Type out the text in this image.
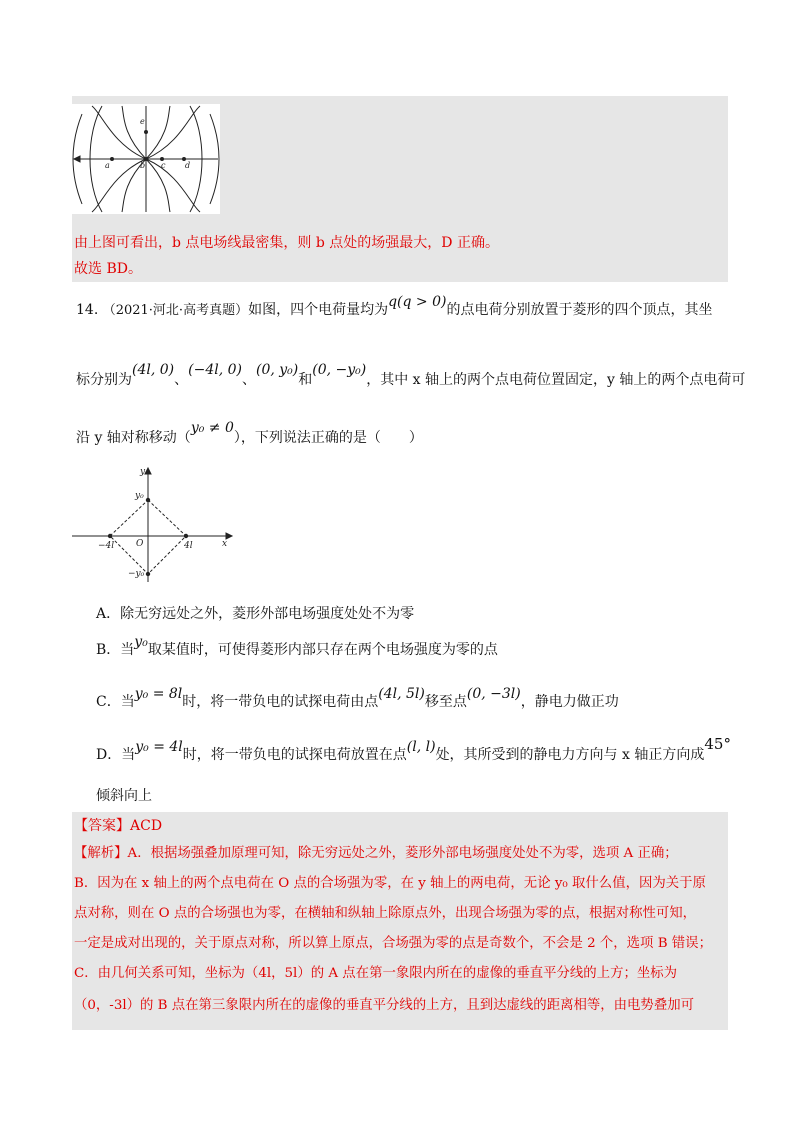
e
a	b c d
由上图可看出，b 点电场线最密集，则 b 点处的场强最大，D 正确。
故选 BD。
14. （2021·河北·高考真题）如图，四个电荷量均为q(q > 0)的点电荷分别放置于菱形的四个顶点，其坐
标分别为(4l, 0)、(−4l, 0)、(0, y₀)和(0, −y₀)，其中 x 轴上的两个点电荷位置固定，y 轴上的两个点电荷可
沿 y 轴对称移动（y₀ ≠ 0），下列说法正确的是（　　）
y
x
y₀
−y₀
−4l	4l
O
A．除无穷远处之外，菱形外部电场强度处处不为零
B．当y₀取某值时，可使得菱形内部只存在两个电场强度为零的点
C．当y₀ = 8l时，将一带负电的试探电荷由点(4l, 5l)移至点(0, −3l)，静电力做正功
D．当y₀ = 4l时，将一带负电的试探电荷放置在点(l, l)处，其所受到的静电力方向与 x 轴正方向成45°
倾斜向上
【答案】ACD
【解析】A．根据场强叠加原理可知，除无穷远处之外，菱形外部电场强度处处不为零，选项 A 正确；
B．因为在 x 轴上的两个点电荷在 O 点的合场强为零，在 y 轴上的两电荷，无论 y₀ 取什么值，因为关于原
点对称，则在 O 点的合场强也为零，在横轴和纵轴上除原点外，出现合场强为零的点，根据对称性可知，
一定是成对出现的，关于原点对称，所以算上原点，合场强为零的点是奇数个，不会是 2 个，选项 B 错误；
C．由几何关系可知，坐标为（4l，5l）的 A 点在第一象限内所在的虚像的垂直平分线的上方；坐标为
（0，-3l）的 B 点在第三象限内所在的虚像的垂直平分线的上方，且到达虚线的距离相等，由电势叠加可
